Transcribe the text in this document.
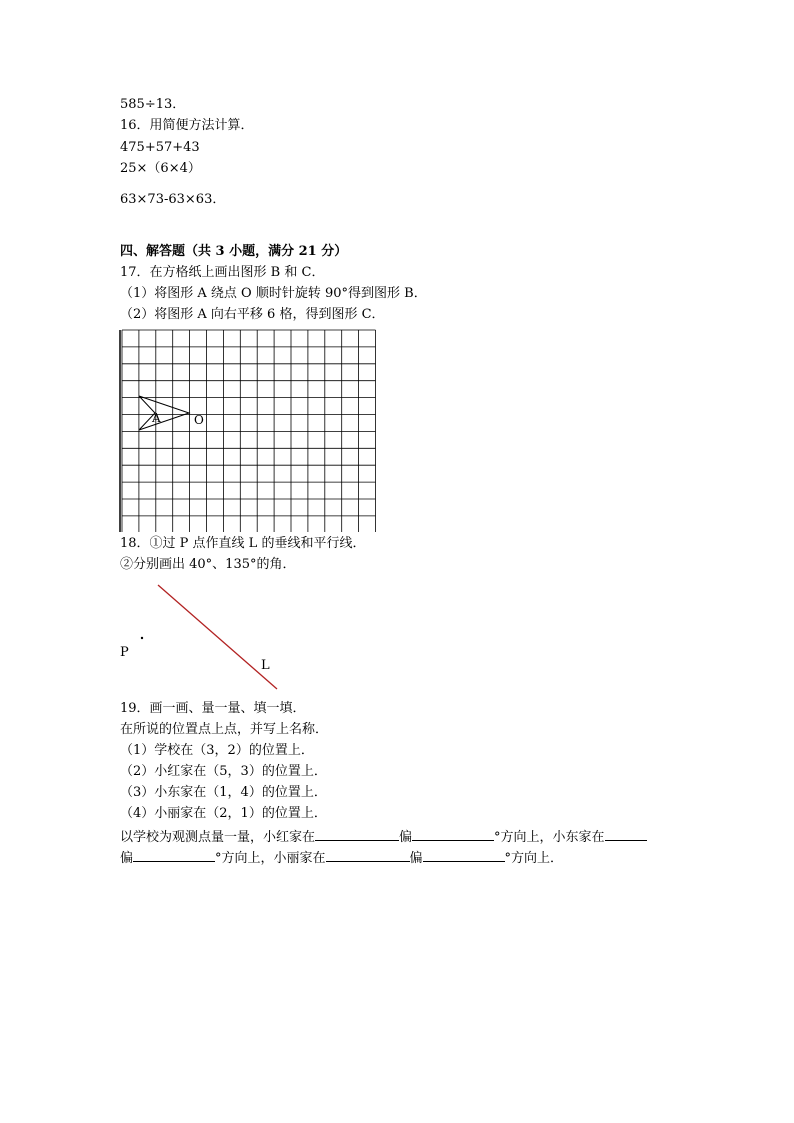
585÷13．
16．用简便方法计算．
475+57+43
25×（6×4）
63×73-63×63．
四、解答题（共 3 小题，满分 21 分）
17．在方格纸上画出图形 B 和 C．
（1）将图形 A 绕点 O 顺时针旋转 90°得到图形 B．
（2）将图形 A 向右平移 6 格，得到图形 C．
A	O
18．①过 P 点作直线 L 的垂线和平行线．
②分别画出 40°、135°的角．
P
L
19．画一画、量一量、填一填．
在所说的位置点上点，并写上名称．
（1）学校在（3，2）的位置上．
（2）小红家在（5，3）的位置上．
（3）小东家在（1，4）的位置上．
（4）小丽家在（2，1）的位置上．
以学校为观测点量一量，小红家在	偏	°方向上，小东家在
偏	°方向上，小丽家在	偏	°方向上．
